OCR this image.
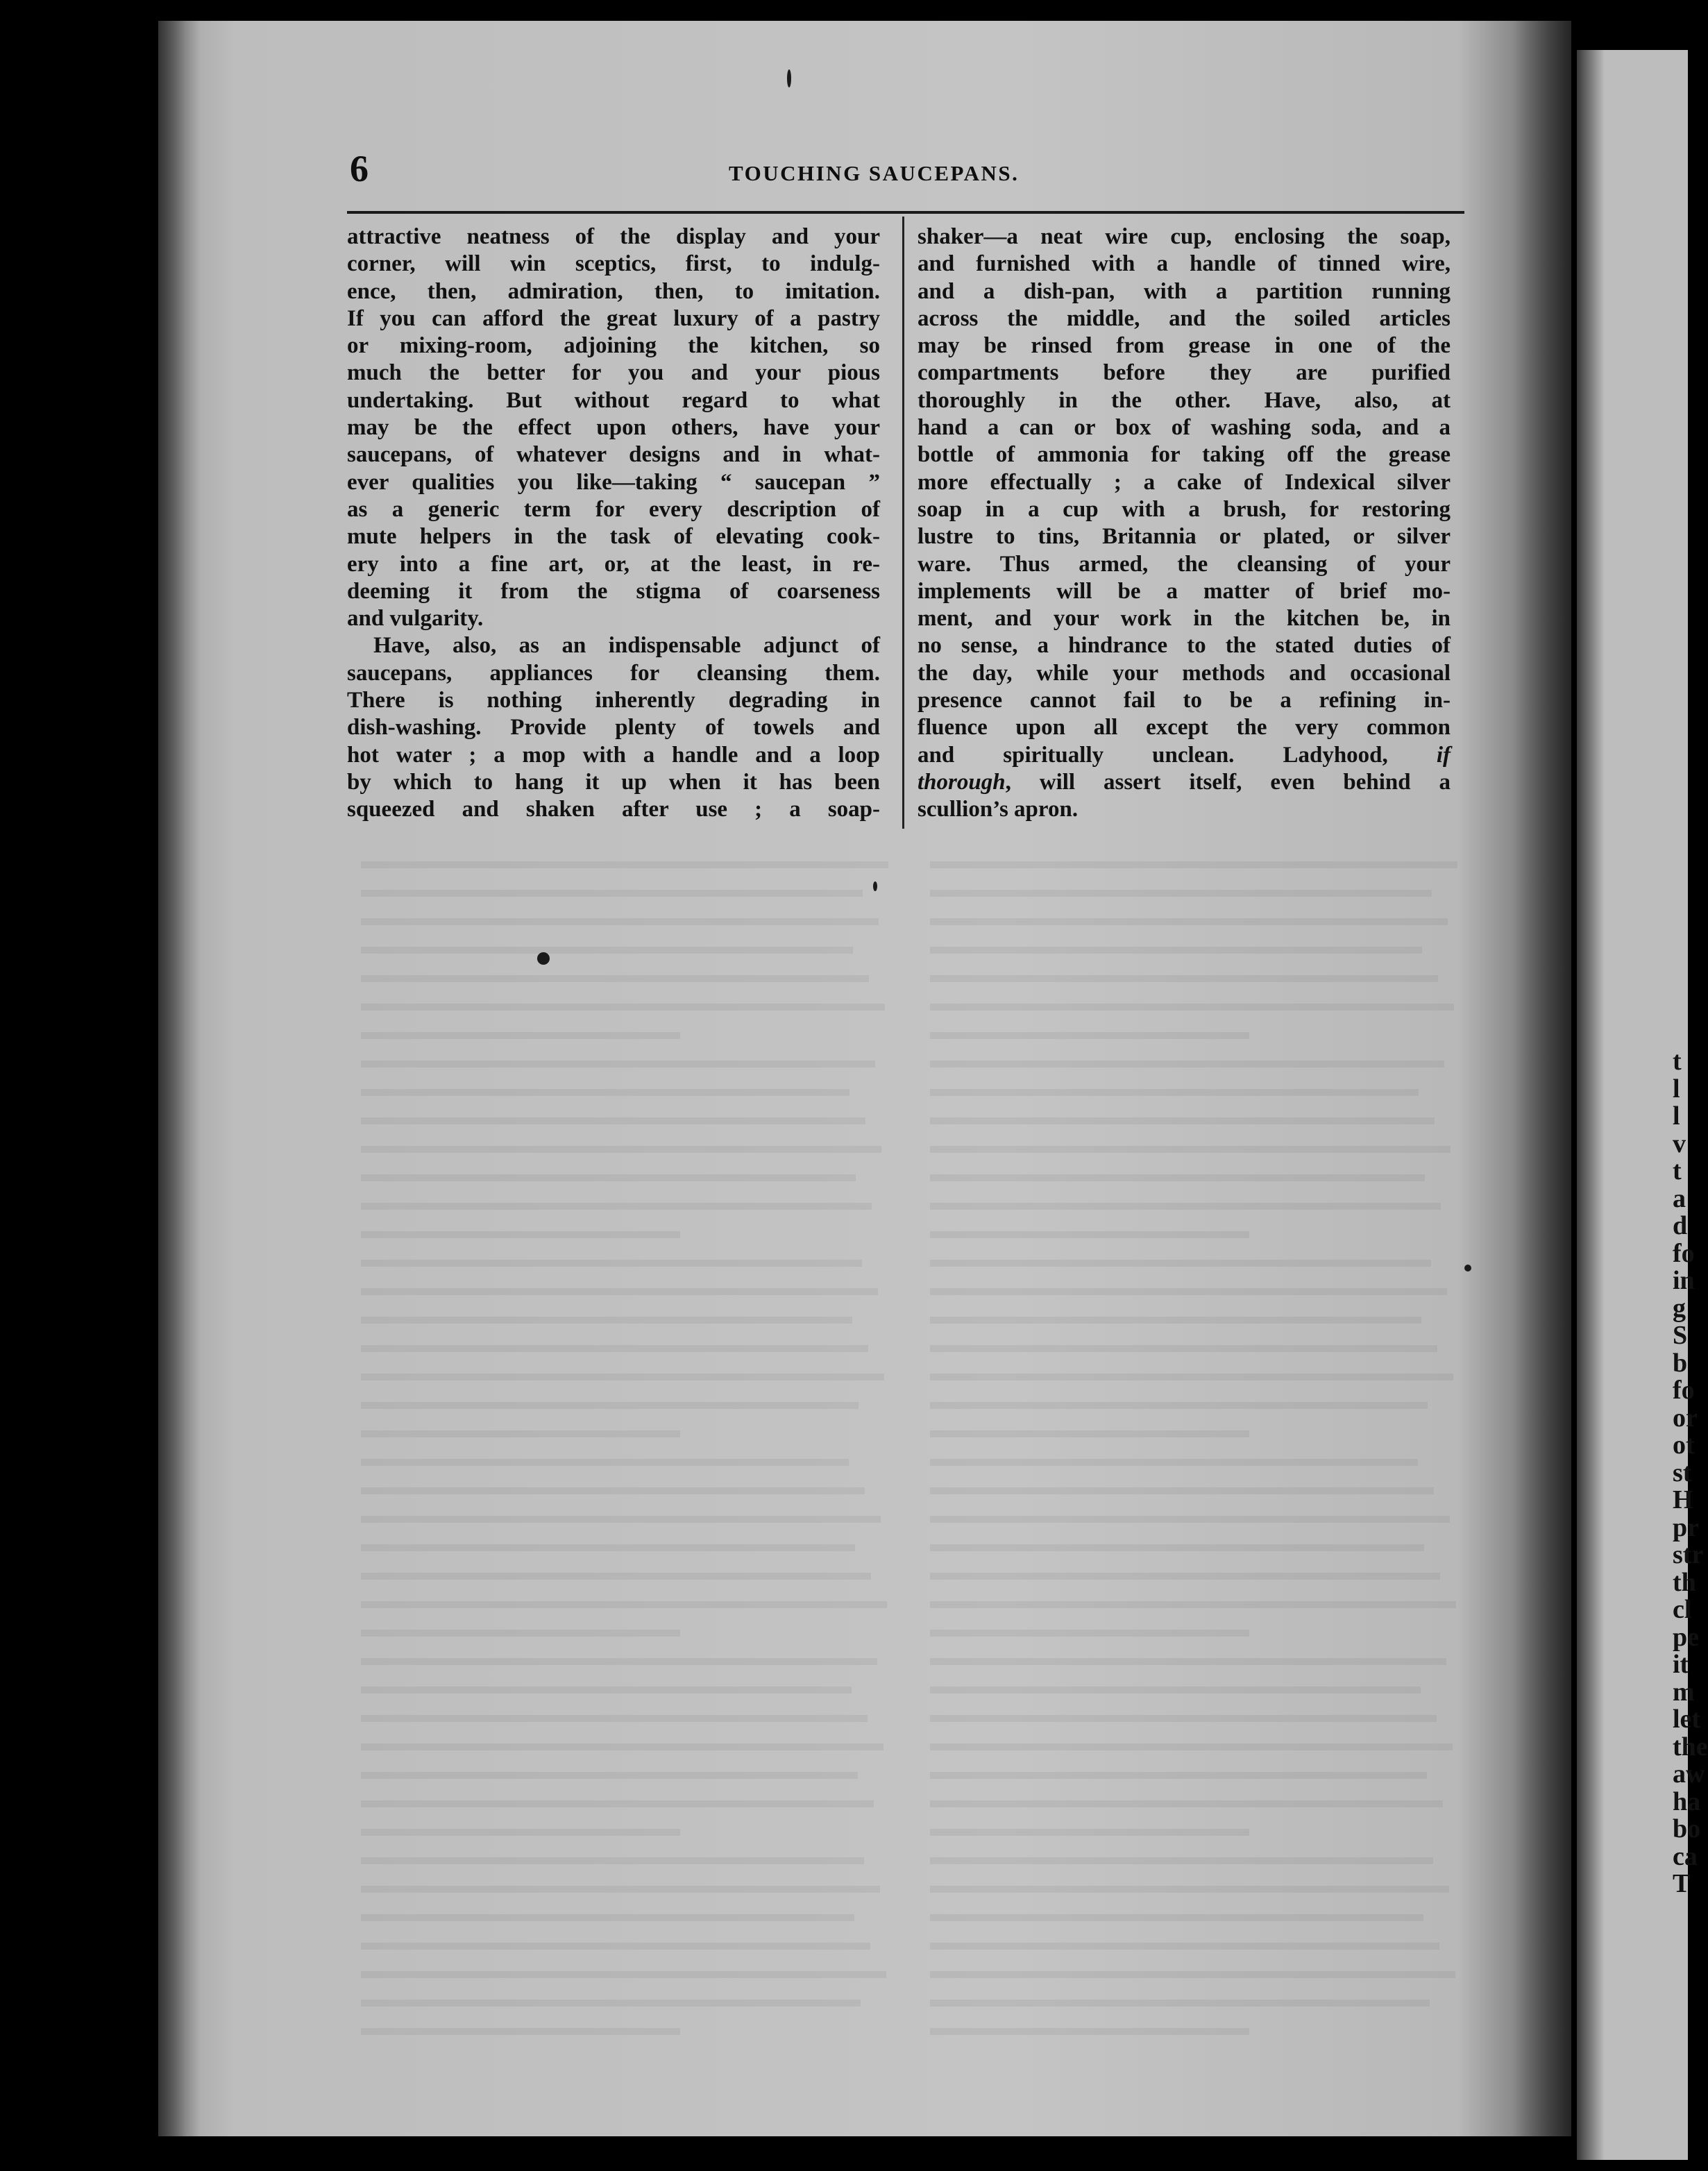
t
l
l
v
t
a
d
fo
in
g
S
b
fo
or
ot
st
H
pr
str
th
cl
pe
it
m
let
the
aw
ha
bo
ca
T
6	TOUCHING SAUCEPANS.
attractive neatness of the display and your
corner, will win sceptics, first, to indulg-
ence, then, admiration, then, to imitation.
If you can afford the great luxury of a pastry
or mixing-room, adjoining the kitchen, so
much the better for you and your pious
undertaking. But without regard to what
may be the effect upon others, have your
saucepans, of whatever designs and in what-
ever qualities you like—taking “ saucepan ”
as a generic term for every description of
mute helpers in the task of elevating cook-
ery into a fine art, or, at the least, in re-
deeming it from the stigma of coarseness
and vulgarity.
Have, also, as an indispensable adjunct of
saucepans, appliances for cleansing them.
There is nothing inherently degrading in
dish-washing. Provide plenty of towels and
hot water ; a mop with a handle and a loop
by which to hang it up when it has been
squeezed and shaken after use ; a soap-
shaker—a neat wire cup, enclosing the soap,
and furnished with a handle of tinned wire,
and a dish-pan, with a partition running
across the middle, and the soiled articles
may be rinsed from grease in one of the
compartments before they are purified
thoroughly in the other. Have, also, at
hand a can or box of washing soda, and a
bottle of ammonia for taking off the grease
more effectually ; a cake of Indexical silver
soap in a cup with a brush, for restoring
lustre to tins, Britannia or plated, or silver
ware. Thus armed, the cleansing of your
implements will be a matter of brief mo-
ment, and your work in the kitchen be, in
no sense, a hindrance to the stated duties of
the day, while your methods and occasional
presence cannot fail to be a refining in-
fluence upon all except the very common
and spiritually unclean. Ladyhood, if
thorough, will assert itself, even behind a
scullion’s apron.
